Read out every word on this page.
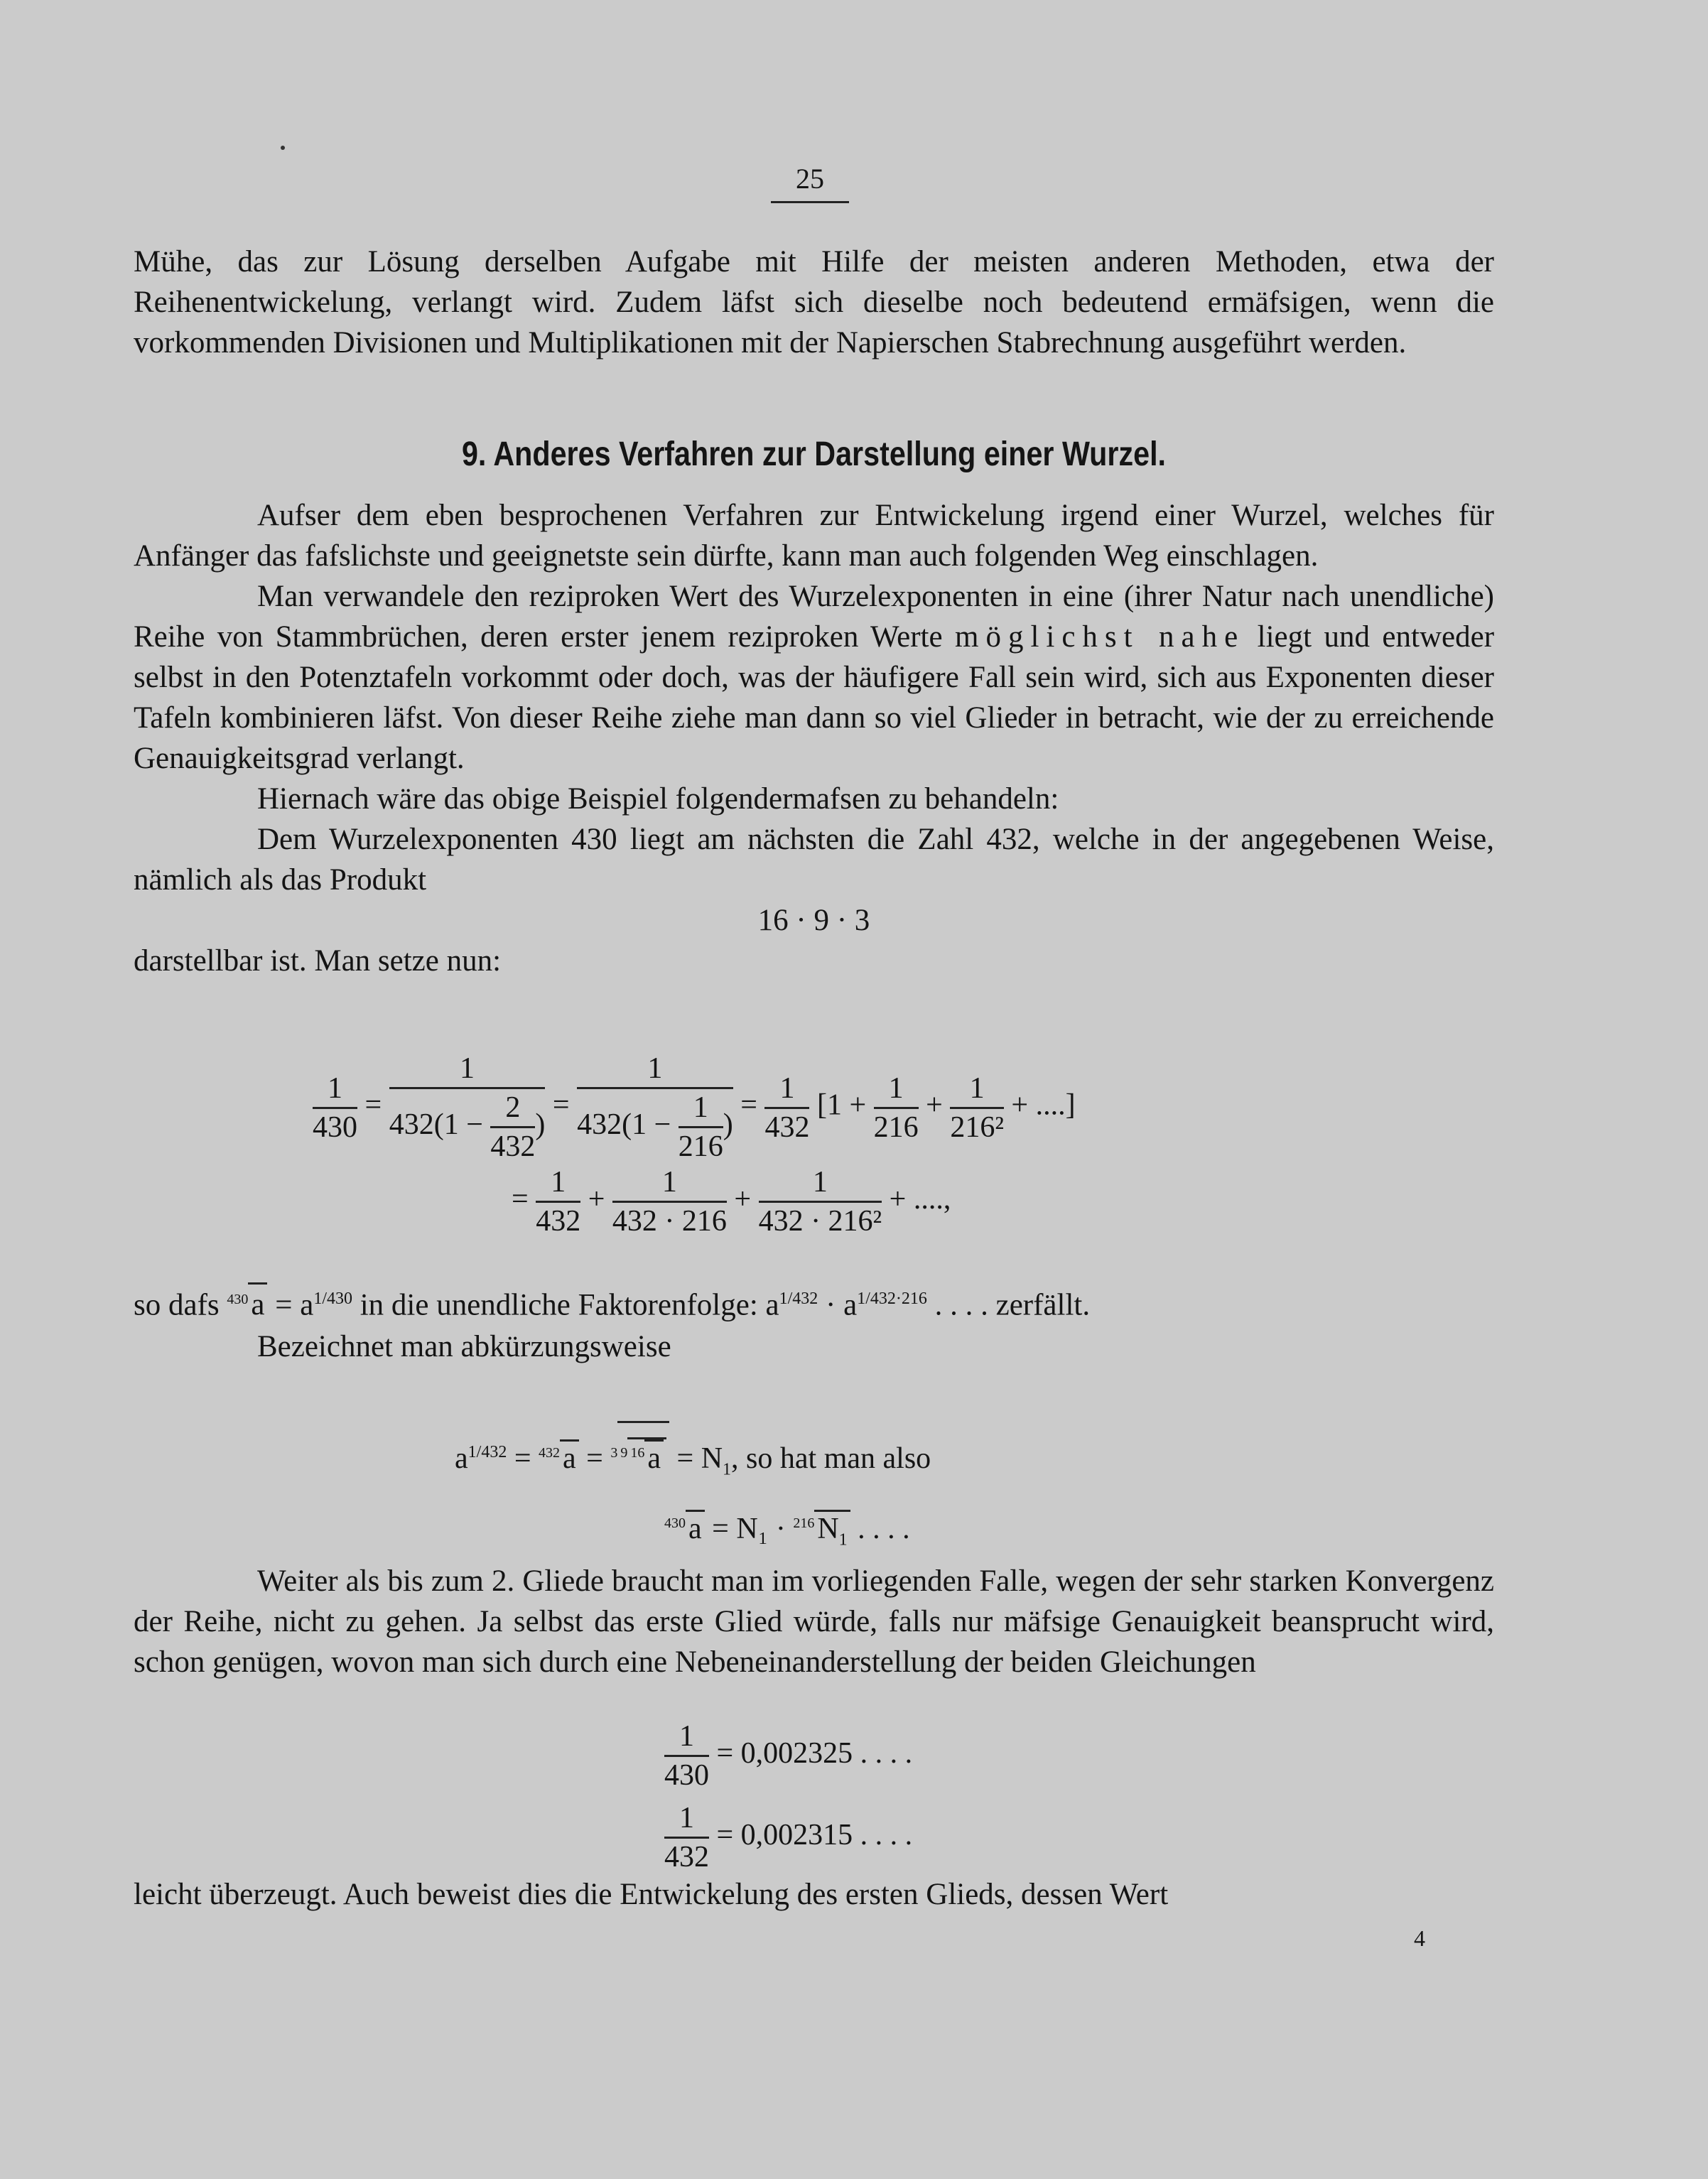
25

Mühe, das zur Lösung derselben Aufgabe mit Hilfe der meisten anderen Methoden, etwa der Reihenentwickelung, verlangt wird. Zudem läfst sich dieselbe noch bedeutend ermäfsigen, wenn die vorkommenden Divisionen und Multiplikationen mit der Napierschen Stabrechnung ausgeführt werden.

9. Anderes Verfahren zur Darstellung einer Wurzel.

Aufser dem eben besprochenen Verfahren zur Entwickelung irgend einer Wurzel, welches für Anfänger das fafslichste und geeignetste sein dürfte, kann man auch folgenden Weg einschlagen.

Man verwandele den reziproken Wert des Wurzelexponenten in eine (ihrer Natur nach unendliche) Reihe von Stammbrüchen, deren erster jenem reziproken Werte möglichst nahe liegt und entweder selbst in den Potenztafeln vorkommt oder doch, was der häufigere Fall sein wird, sich aus Exponenten dieser Tafeln kombinieren läfst. Von dieser Reihe ziehe man dann so viel Glieder in betracht, wie der zu erreichende Genauigkeitsgrad verlangt.

Hiernach wäre das obige Beispiel folgendermafsen zu behandeln:

Dem Wurzelexponenten 430 liegt am nächsten die Zahl 432, welche in der angegebenen Weise, nämlich als das Produkt

16 · 9 · 3

darstellbar ist. Man setze nun:

$\frac{1}{430} = \frac{1}{432(1 - \frac{2}{432} )} = \frac{1}{432(1 - \frac{1}{216} )} = \frac{1}{432} [1 + \frac{1}{216} + \frac{1}{\text{216²}}$ + ....]
= $\frac{1}{432} + \frac{1}{432 \cdot 216} + \frac{1}{\text{432 · 216²}}$ + ....,
so dafs $^{430}a = a^{1/430}$ in die unendliche Faktorenfolge: $a^{1/432} \cdot a^{1/432\cdot 216}$ . . . . zerfällt.

Bezeichnet man abkürzungsweise

$a^{1/432} = ^{432}a = ^3$ $^9$ $^{16}a = N_1$, so hat man also
$^{430}a = N_1 \cdot ^{216}N_1$ . . . .

Weiter als bis zum 2. Gliede braucht man im vorliegenden Falle, wegen der sehr starken Konvergenz der Reihe, nicht zu gehen. Ja selbst das erste Glied würde, falls nur mäfsige Genauigkeit beansprucht wird, schon genügen, wovon man sich durch eine Nebeneinanderstellung der beiden Gleichungen

$\frac{1}{430} = 0,002325$ . . . .
$\frac{1}{432} = 0,002315$ . . . .

leicht überzeugt. Auch beweist dies die Entwickelung des ersten Glieds, dessen Wert

4
